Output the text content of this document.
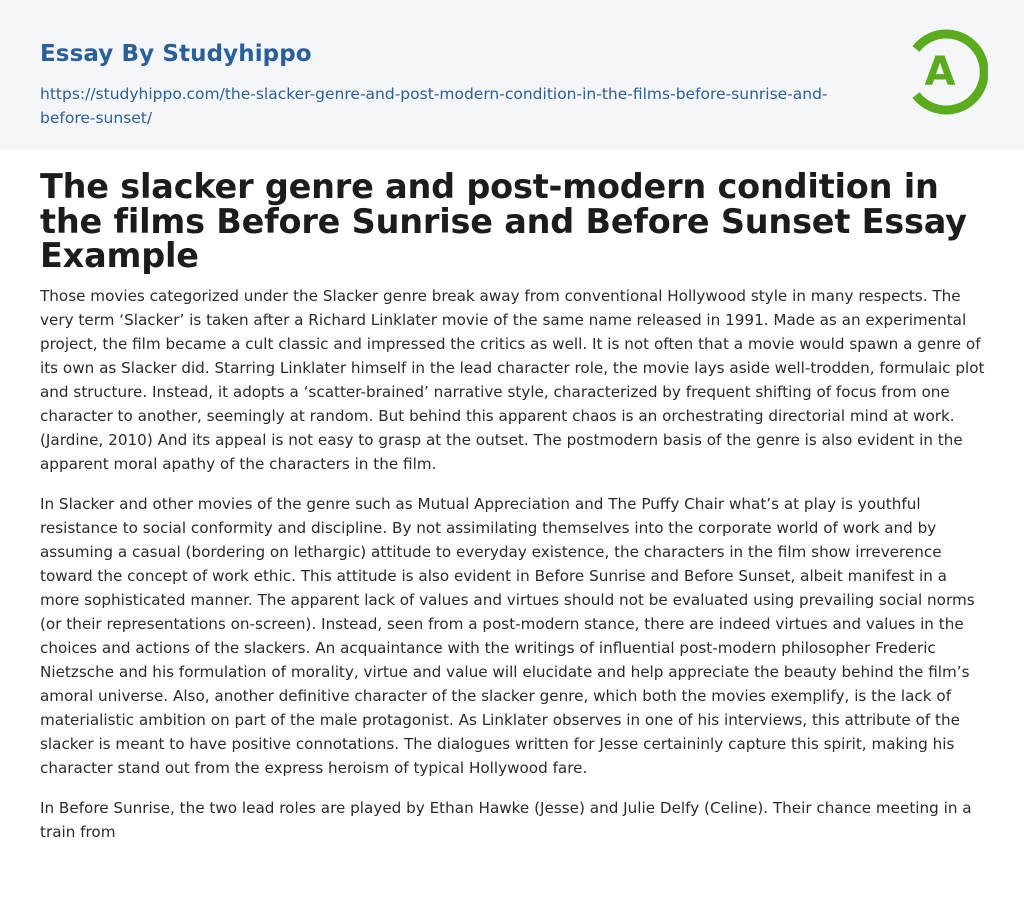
Essay By Studyhippo
https://studyhippo.com/the-slacker-genre-and-post-modern-condition-in-the-films-before-sunrise-and-before-sunset/
A
The slacker genre and post-modern condition in the films Before Sunrise and Before Sunset Essay Example

Those movies categorized under the Slacker genre break away from conventional Hollywood style in many respects. The very term ‘Slacker’ is taken after a Richard Linklater movie of the same name released in 1991. Made as an experimental project, the film became a cult classic and impressed the critics as well. It is not often that a movie would spawn a genre of its own as Slacker did. Starring Linklater himself in the lead character role, the movie lays aside well-trodden, formulaic plot and structure. Instead, it adopts a ‘scatter-brained’ narrative style, characterized by frequent shifting of focus from one character to another, seemingly at random. But behind this apparent chaos is an orchestrating directorial mind at work. (Jardine, 2010) And its appeal is not easy to grasp at the outset. The postmodern basis of the genre is also evident in the apparent moral apathy of the characters in the film.

In Slacker and other movies of the genre such as Mutual Appreciation and The Puffy Chair what’s at play is youthful resistance to social conformity and discipline. By not assimilating themselves into the corporate world of work and by assuming a casual (bordering on lethargic) attitude to everyday existence, the characters in the film show irreverence toward the concept of work ethic. This attitude is also evident in Before Sunrise and Before Sunset, albeit manifest in a more sophisticated manner. The apparent lack of values and virtues should not be evaluated using prevailing social norms (or their representations on-screen). Instead, seen from a post-modern stance, there are indeed virtues and values in the choices and actions of the slackers. An acquaintance with the writings of influential post-modern philosopher Frederic Nietzsche and his formulation of morality, virtue and value will elucidate and help appreciate the beauty behind the film’s amoral universe. Also, another definitive character of the slacker genre, which both the movies exemplify, is the lack of materialistic ambition on part of the male protagonist. As Linklater observes in one of his interviews, this attribute of the slacker is meant to have positive connotations. The dialogues written for Jesse certaininly capture this spirit, making his character stand out from the express heroism of typical Hollywood fare.

In Before Sunrise, the two lead roles are played by Ethan Hawke (Jesse) and Julie Delfy (Celine). Their chance meeting in a train from
